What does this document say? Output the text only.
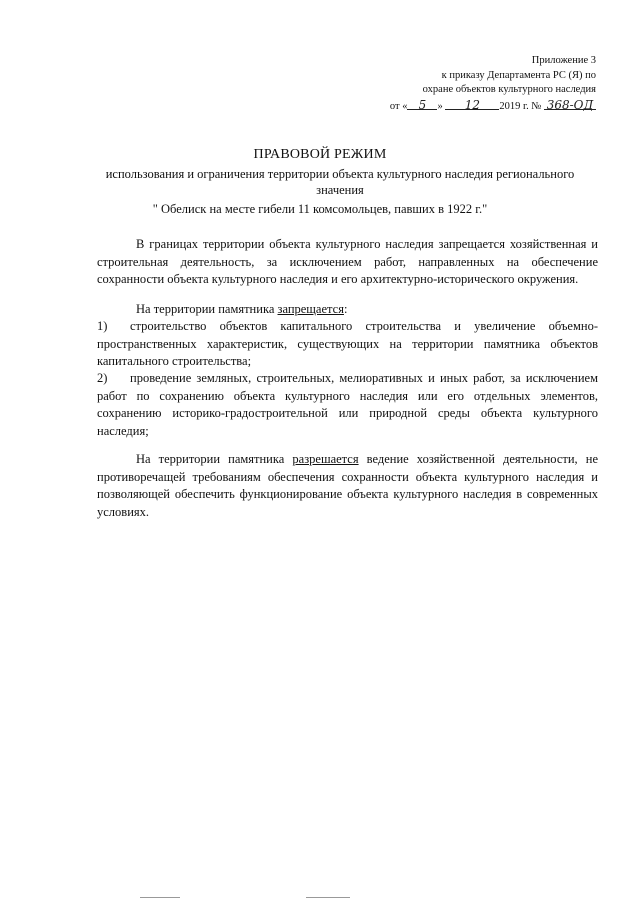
Приложение 3
к приказу Департамента РС (Я) по
охране объектов культурного наследия
от « 5 » 12 2019 г. № 368-ОД
ПРАВОВОЙ РЕЖИМ
использования и ограничения территории объекта культурного наследия регионального значения
" Обелиск на месте гибели 11 комсомольцев, павших в 1922 г."
В границах территории объекта культурного наследия запрещается хозяйственная и строительная деятельность, за исключением работ, направленных на обеспечение сохранности объекта культурного наследия и его архитектурно-исторического окружения.
На территории памятника запрещается:
1) строительство объектов капитального строительства и увеличение объемно-пространственных характеристик, существующих на территории памятника объектов капитального строительства;
2) проведение земляных, строительных, мелиоративных и иных работ, за исключением работ по сохранению объекта культурного наследия или его отдельных элементов, сохранению историко-градостроительной или природной среды объекта культурного наследия;
На территории памятника разрешается ведение хозяйственной деятельности, не противоречащей требованиям обеспечения сохранности объекта культурного наследия и позволяющей обеспечить функционирование объекта культурного наследия в современных условиях.
